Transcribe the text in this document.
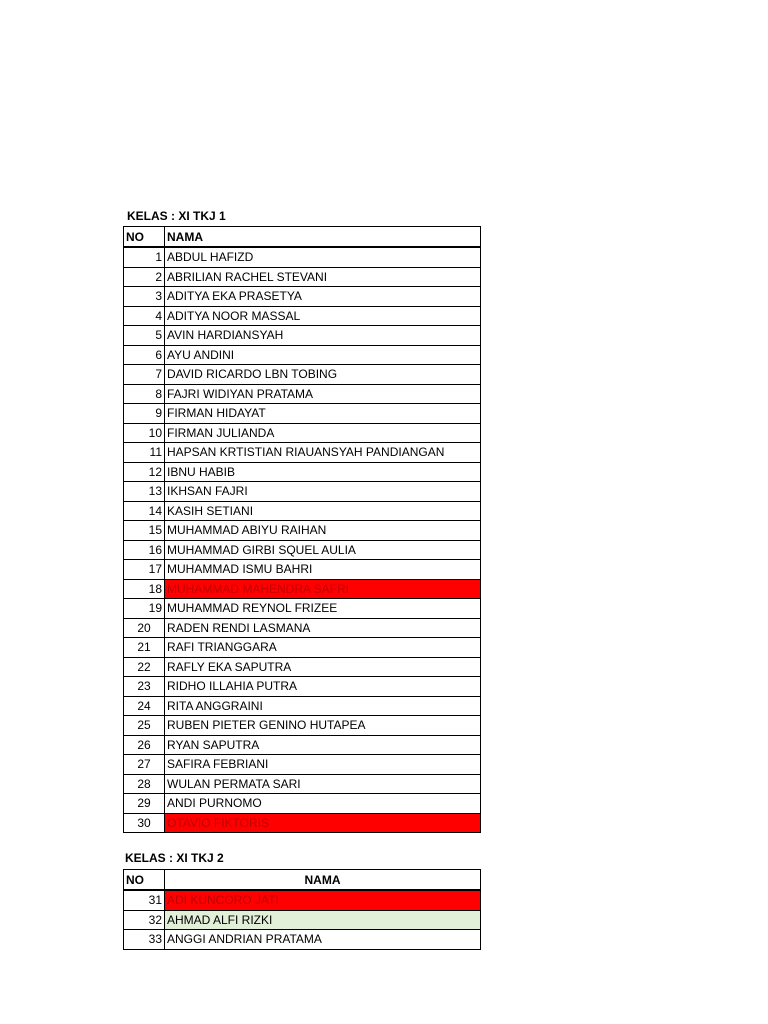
KELAS : XI TKJ 1
NO	NAMA
1	ABDUL HAFIZD
2	ABRILIAN RACHEL STEVANI
3	ADITYA EKA PRASETYA
4	ADITYA NOOR MASSAL
5	AVIN HARDIANSYAH
6	AYU ANDINI
7	DAVID RICARDO LBN TOBING
8	FAJRI WIDIYAN PRATAMA
9	FIRMAN HIDAYAT
10	FIRMAN JULIANDA
11	HAPSAN KRTISTIAN RIAUANSYAH PANDIANGAN
12	IBNU HABIB
13	IKHSAN FAJRI
14	KASIH SETIANI
15	MUHAMMAD ABIYU RAIHAN
16	MUHAMMAD GIRBI SQUEL AULIA
17	MUHAMMAD ISMU BAHRI
18	MUHAMMAD MAHENDRA SAFRI
19	MUHAMMAD REYNOL FRIZEE
20	RADEN RENDI LASMANA
21	RAFI TRIANGGARA
22	RAFLY EKA SAPUTRA
23	RIDHO ILLAHIA PUTRA
24	RITA ANGGRAINI
25	RUBEN PIETER GENINO HUTAPEA
26	RYAN SAPUTRA
27	SAFIRA FEBRIANI
28	WULAN PERMATA SARI
29	ANDI PURNOMO
30	OTAVIO FIKTORIS
KELAS : XI TKJ 2
NO	NAMA
31	ADI KUNCORO JATI
32	AHMAD ALFI RIZKI
33	ANGGI ANDRIAN PRATAMA
